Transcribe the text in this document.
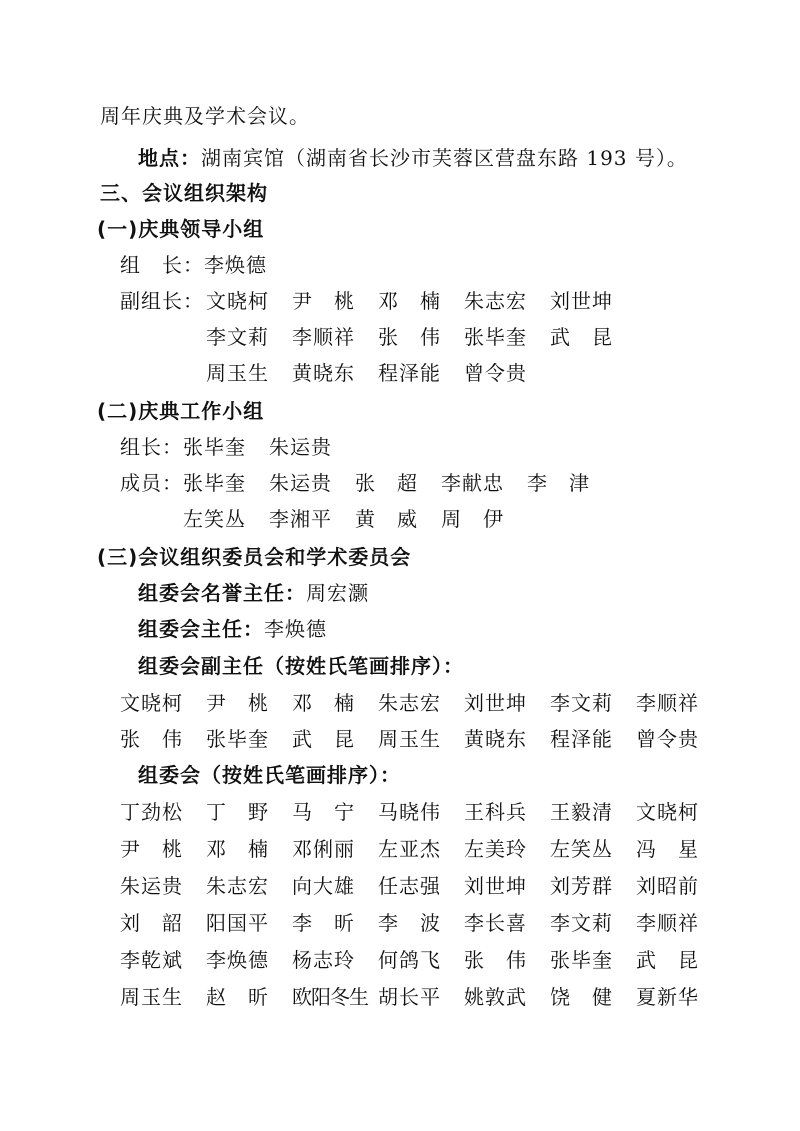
周年庆典及学术会议。
地点：湖南宾馆（湖南省长沙市芙蓉区营盘东路 193 号）。
三、会议组织架构
(一)庆典领导小组
组　长：李焕德
副组长： 文晓柯 尹　桃 邓　楠 朱志宏 刘世坤
李文莉 李顺祥 张　伟 张毕奎 武　昆
周玉生 黄晓东 程泽能 曾令贵
(二)庆典工作小组
组长： 张毕奎 朱运贵
成员： 张毕奎 朱运贵 张　超 李献忠 李　津
左笑丛 李湘平 黄　威 周　伊
(三)会议组织委员会和学术委员会
组委会名誉主任：周宏灏
组委会主任：李焕德
组委会副主任（按姓氏笔画排序）：
文晓柯 尹　桃 邓　楠 朱志宏 刘世坤 李文莉 李顺祥
张　伟 张毕奎 武　昆 周玉生 黄晓东 程泽能 曾令贵
组委会（按姓氏笔画排序）：
丁劲松 丁　野 马　宁 马晓伟 王科兵 王毅清 文晓柯
尹　桃 邓　楠 邓俐丽 左亚杰 左美玲 左笑丛 冯　星
朱运贵 朱志宏 向大雄 任志强 刘世坤 刘芳群 刘昭前
刘　韶 阳国平 李　昕 李　波 李长喜 李文莉 李顺祥
李乾斌 李焕德 杨志玲 何鸽飞 张　伟 张毕奎 武　昆
周玉生 赵　昕 欧阳冬生 胡长平 姚敦武 饶　健 夏新华
